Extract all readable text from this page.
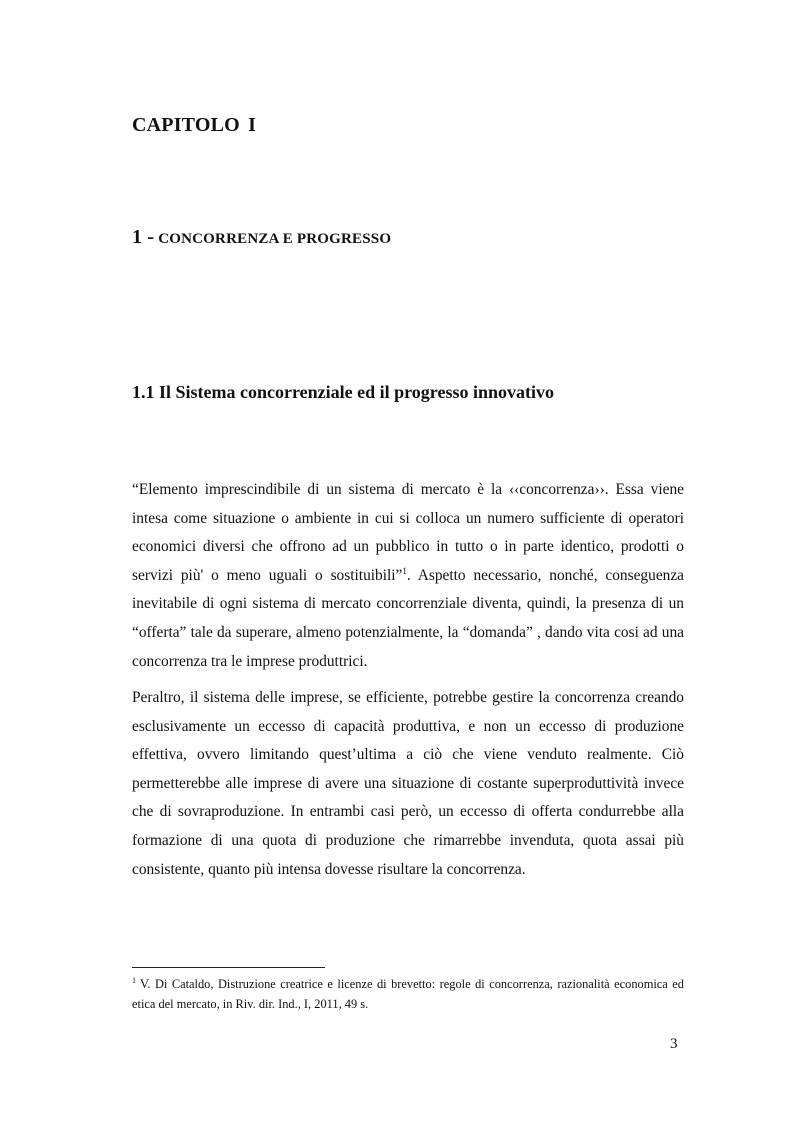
CAPITOLO I
1 - CONCORRENZA E PROGRESSO
1.1 Il Sistema concorrenziale ed il progresso innovativo

“Elemento imprescindibile di un sistema di mercato è la ‹‹concorrenza››. Essa viene intesa come situazione o ambiente in cui si colloca un numero sufficiente di operatori economici diversi che offrono ad un pubblico in tutto o in parte identico, prodotti o servizi più' o meno uguali o sostituibili”$^1$. Aspetto necessario, nonché, conseguenza inevitabile di ogni sistema di mercato concorrenziale diventa, quindi, la presenza di un “offerta” tale da superare, almeno potenzialmente, la “domanda” , dando vita cosi ad una concorrenza tra le imprese produttrici.

Peraltro, il sistema delle imprese, se efficiente, potrebbe gestire la concorrenza creando esclusivamente un eccesso di capacità produttiva, e non un eccesso di produzione effettiva, ovvero limitando quest’ultima a ciò che viene venduto realmente. Ciò permetterebbe alle imprese di avere una situazione di costante superproduttività invece che di sovraproduzione. In entrambi casi però, un eccesso di offerta condurrebbe alla formazione di una quota di produzione che rimarrebbe invenduta, quota assai più consistente, quanto più intensa dovesse risultare la concorrenza.

$^1$ V. Di Cataldo, Distruzione creatrice e licenze di brevetto: regole di concorrenza, razionalità economica ed etica del mercato, in Riv. dir. Ind., I, 2011, 49 s.

3
